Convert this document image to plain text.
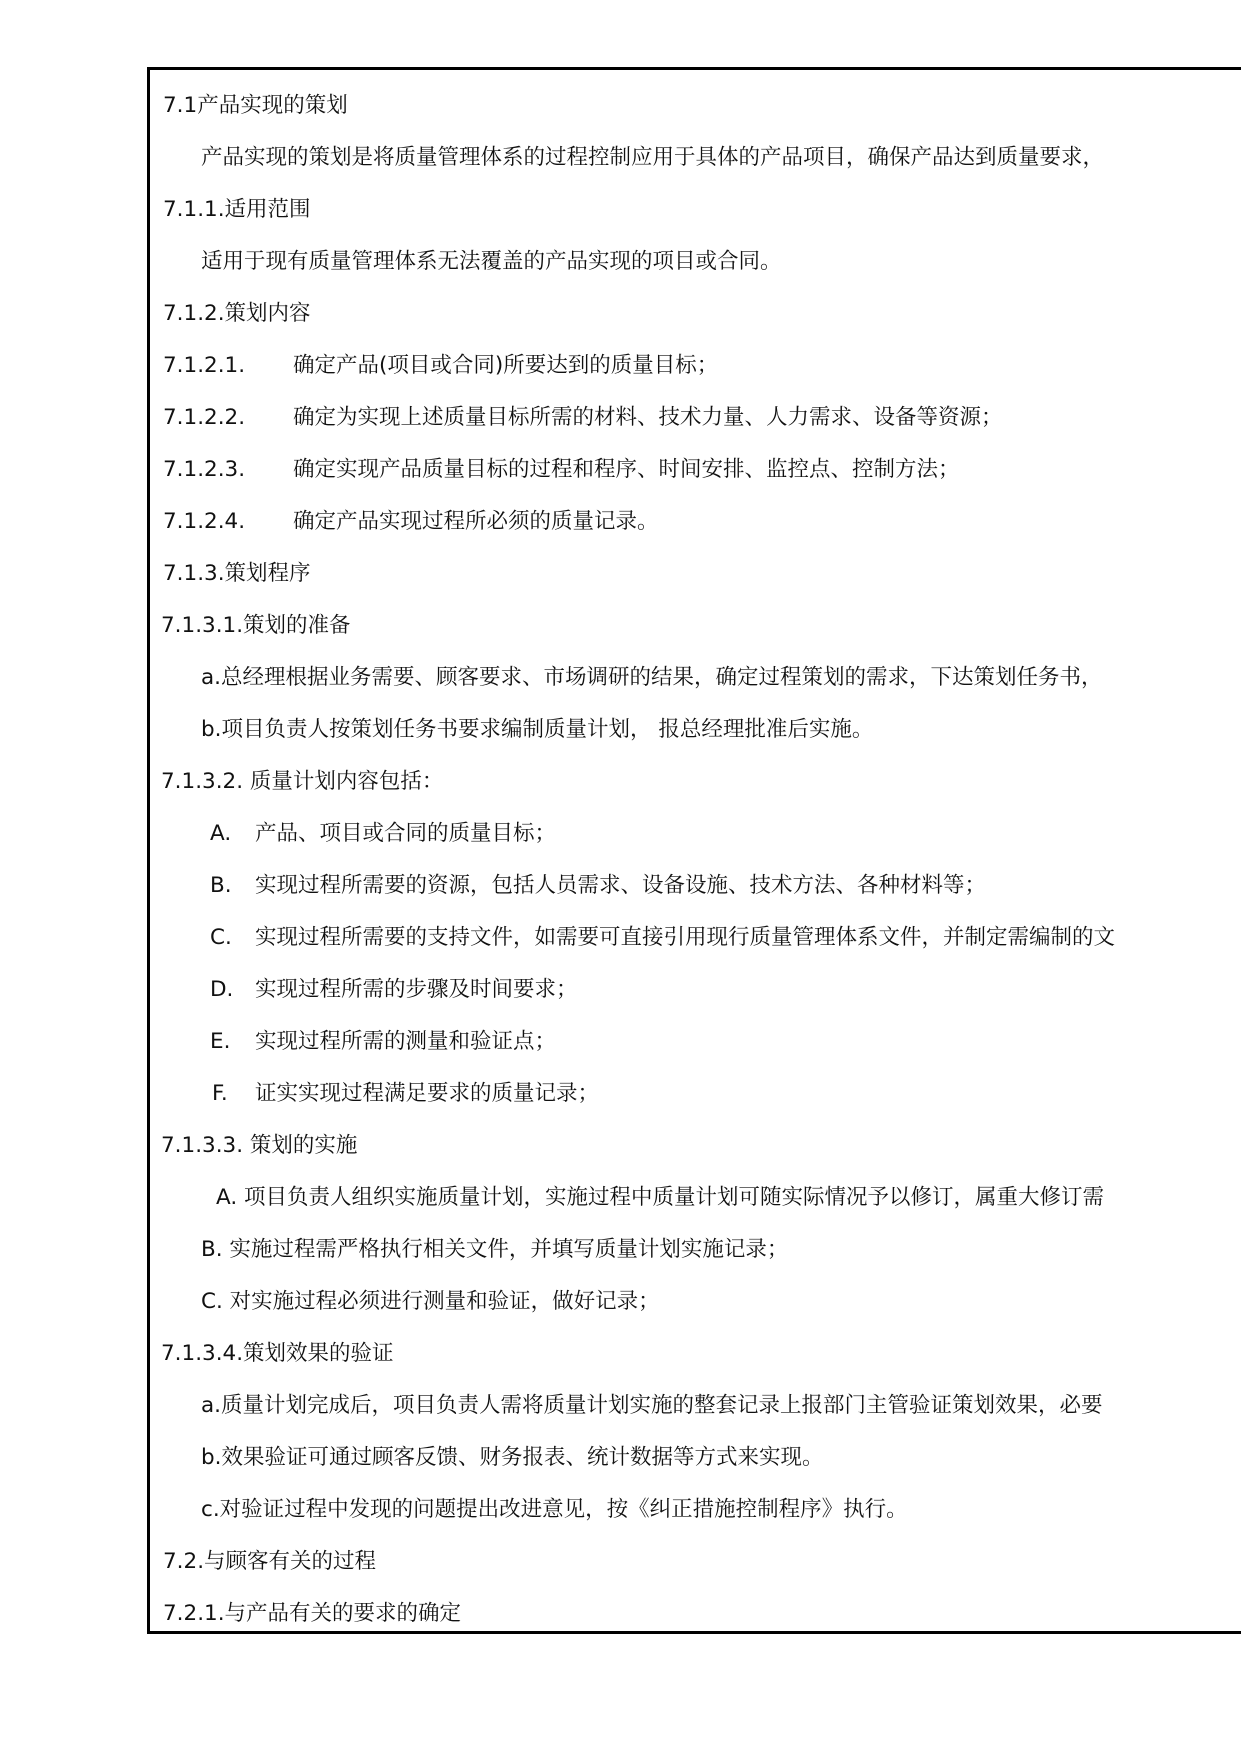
7.1产品实现的策划
产品实现的策划是将质量管理体系的过程控制应用于具体的产品项目，确保产品达到质量要求，
7.1.1.适用范围
适用于现有质量管理体系无法覆盖的产品实现的项目或合同。
7.1.2.策划内容
7.1.2.1. 确定产品(项目或合同)所要达到的质量目标；
7.1.2.2. 确定为实现上述质量目标所需的材料、技术力量、人力需求、设备等资源；
7.1.2.3. 确定实现产品质量目标的过程和程序、时间安排、监控点、控制方法；
7.1.2.4. 确定产品实现过程所必须的质量记录。
7.1.3.策划程序
7.1.3.1.策划的准备
a.总经理根据业务需要、顾客要求、市场调研的结果，确定过程策划的需求，下达策划任务书，
b.项目负责人按策划任务书要求编制质量计划， 报总经理批准后实施。
7.1.3.2. 质量计划内容包括：
A. 产品、项目或合同的质量目标；
B. 实现过程所需要的资源，包括人员需求、设备设施、技术方法、各种材料等；
C. 实现过程所需要的支持文件，如需要可直接引用现行质量管理体系文件，并制定需编制的文
D. 实现过程所需的步骤及时间要求；
E. 实现过程所需的测量和验证点；
F. 证实实现过程满足要求的质量记录；
7.1.3.3. 策划的实施
A. 项目负责人组织实施质量计划，实施过程中质量计划可随实际情况予以修订，属重大修订需
B. 实施过程需严格执行相关文件，并填写质量计划实施记录；
C. 对实施过程必须进行测量和验证，做好记录；
7.1.3.4.策划效果的验证
a.质量计划完成后，项目负责人需将质量计划实施的整套记录上报部门主管验证策划效果，必要
b.效果验证可通过顾客反馈、财务报表、统计数据等方式来实现。
c.对验证过程中发现的问题提出改进意见，按《纠正措施控制程序》执行。
7.2.与顾客有关的过程
7.2.1.与产品有关的要求的确定
